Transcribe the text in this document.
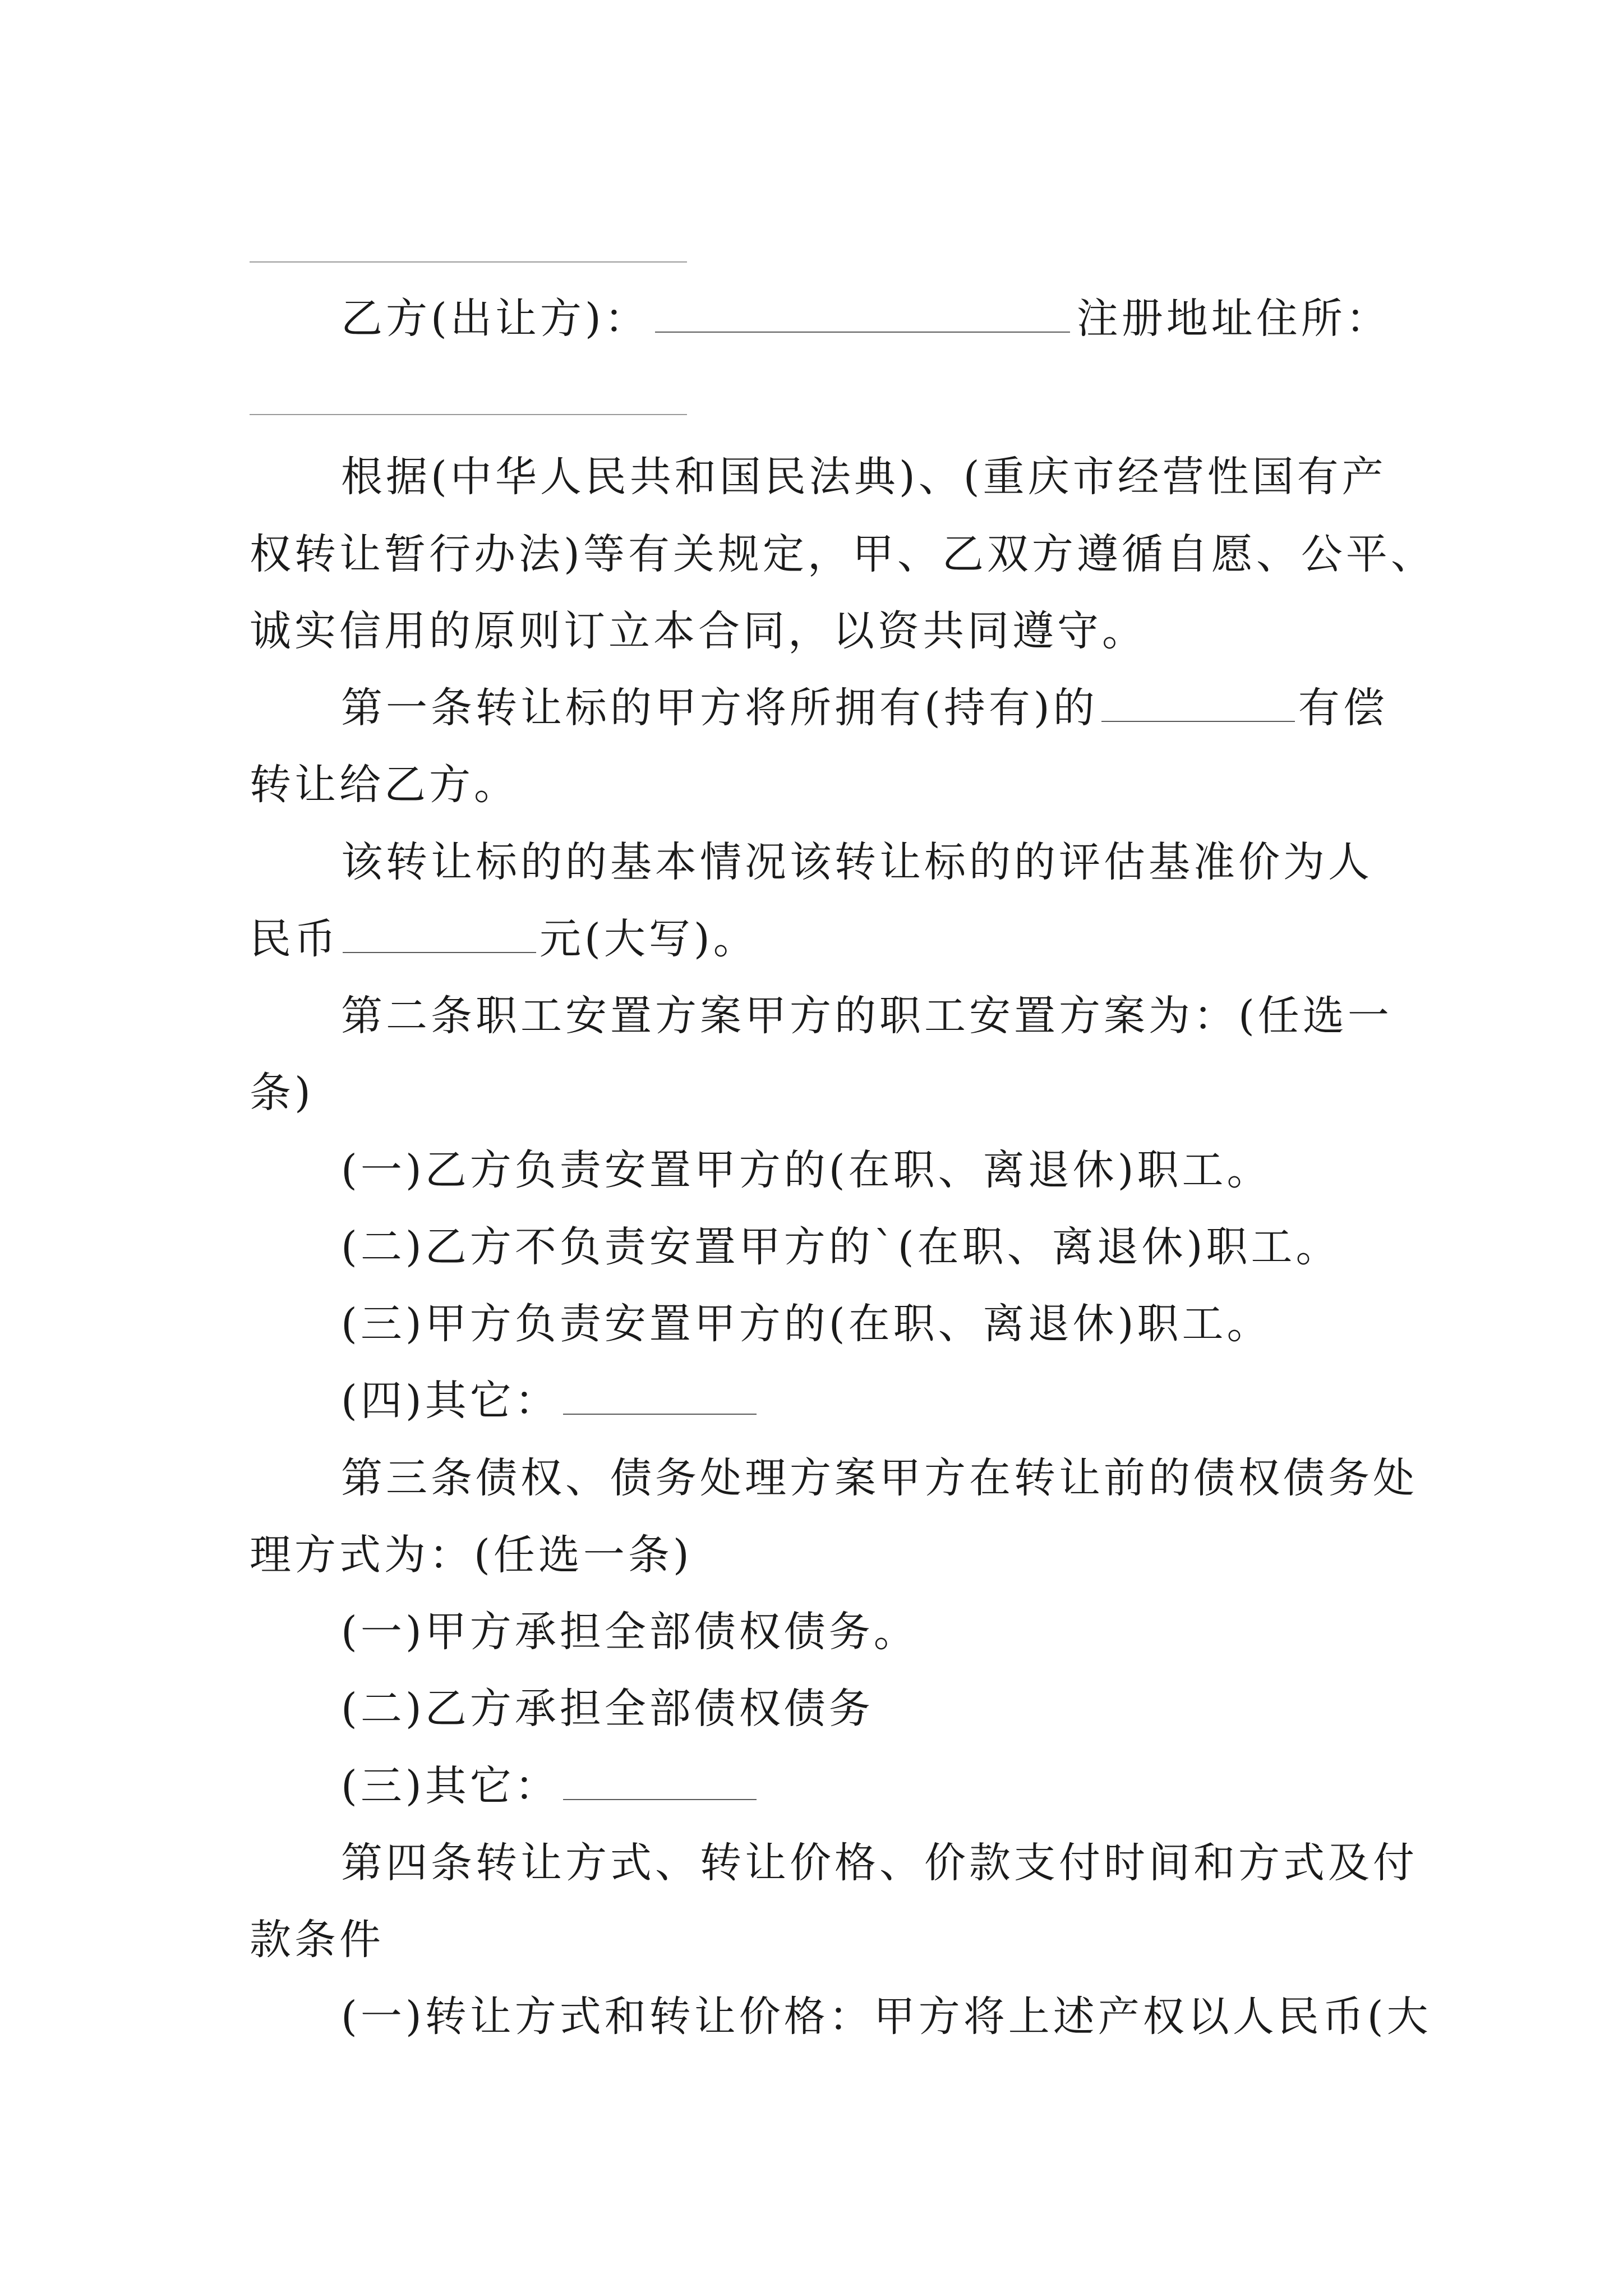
乙方(出让方)：	注册地址住所：
根据(中华人民共和国民法典)、(重庆市经营性国有产
权转让暂行办法)等有关规定，甲、乙双方遵循自愿、公平、
诚实信用的原则订立本合同，以资共同遵守。
第一条转让标的甲方将所拥有(持有)的	有偿
转让给乙方。
该转让标的的基本情况该转让标的的评估基准价为人
民币	元(大写)。
第二条职工安置方案甲方的职工安置方案为：(任选一
条)
(一)乙方负责安置甲方的(在职、离退休)职工。
(二)乙方不负责安置甲方的`(在职、离退休)职工。
(三)甲方负责安置甲方的(在职、离退休)职工。
(四)其它：
第三条债权、债务处理方案甲方在转让前的债权债务处
理方式为：(任选一条)
(一)甲方承担全部债权债务。
(二)乙方承担全部债权债务
(三)其它：
第四条转让方式、转让价格、价款支付时间和方式及付
款条件
(一)转让方式和转让价格：甲方将上述产权以人民币(大
